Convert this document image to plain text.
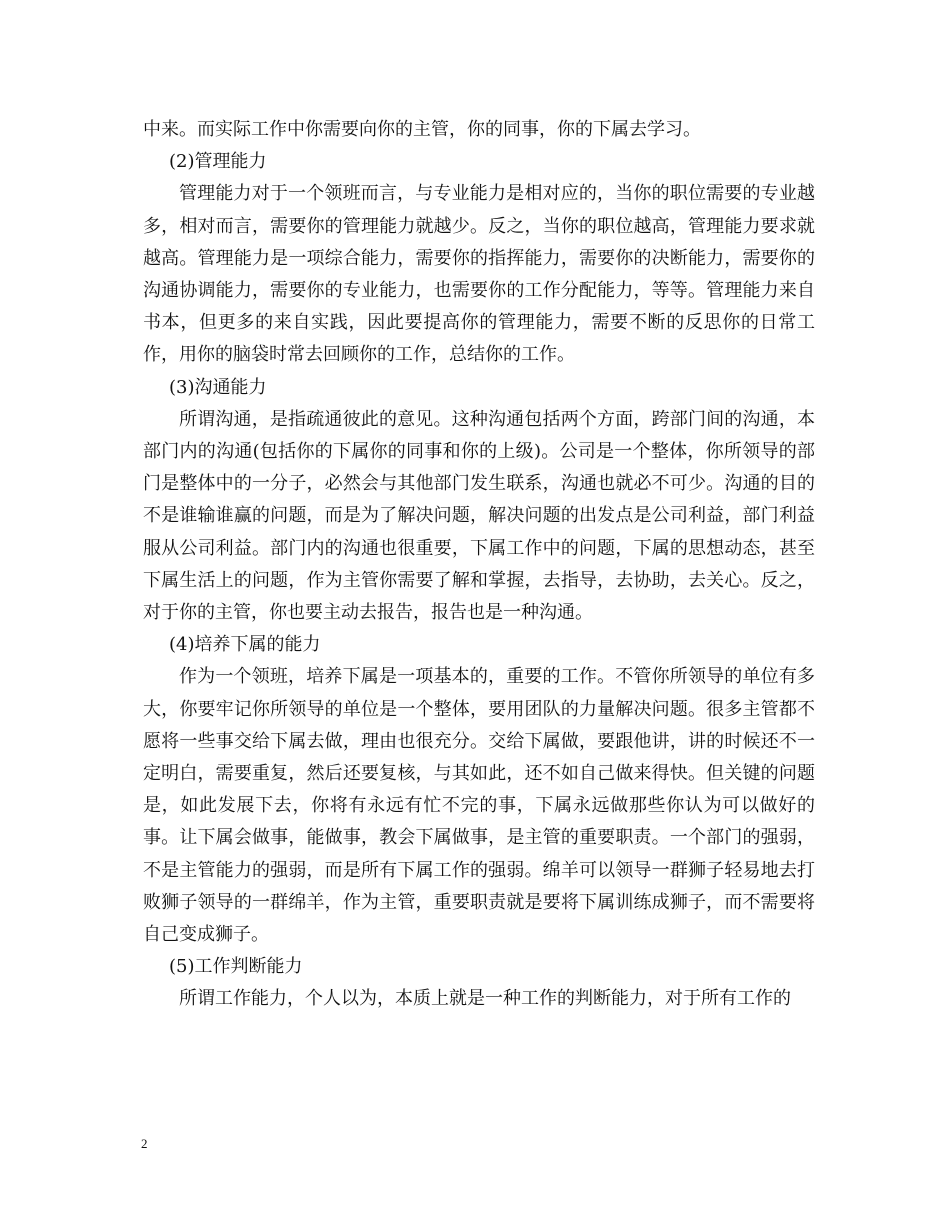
中来。而实际工作中你需要向你的主管，你的同事，你的下属去学习。

(2)管理能力

管理能力对于一个领班而言，与专业能力是相对应的，当你的职位需要的专业越多，相对而言，需要你的管理能力就越少。反之，当你的职位越高，管理能力要求就越高。管理能力是一项综合能力，需要你的指挥能力，需要你的决断能力，需要你的沟通协调能力，需要你的专业能力，也需要你的工作分配能力，等等。管理能力来自书本，但更多的来自实践，因此要提高你的管理能力，需要不断的反思你的日常工作，用你的脑袋时常去回顾你的工作，总结你的工作。

(3)沟通能力

所谓沟通，是指疏通彼此的意见。这种沟通包括两个方面，跨部门间的沟通，本部门内的沟通(包括你的下属你的同事和你的上级)。公司是一个整体，你所领导的部门是整体中的一分子，必然会与其他部门发生联系，沟通也就必不可少。沟通的目的不是谁输谁赢的问题，而是为了解决问题，解决问题的出发点是公司利益，部门利益服从公司利益。部门内的沟通也很重要，下属工作中的问题，下属的思想动态，甚至下属生活上的问题，作为主管你需要了解和掌握，去指导，去协助，去关心。反之，对于你的主管，你也要主动去报告，报告也是一种沟通。

(4)培养下属的能力

作为一个领班，培养下属是一项基本的，重要的工作。不管你所领导的单位有多大，你要牢记你所领导的单位是一个整体，要用团队的力量解决问题。很多主管都不愿将一些事交给下属去做，理由也很充分。交给下属做，要跟他讲，讲的时候还不一定明白，需要重复，然后还要复核，与其如此，还不如自己做来得快。但关键的问题是，如此发展下去，你将有永远有忙不完的事，下属永远做那些你认为可以做好的事。让下属会做事，能做事，教会下属做事，是主管的重要职责。一个部门的强弱，不是主管能力的强弱，而是所有下属工作的强弱。绵羊可以领导一群狮子轻易地去打败狮子领导的一群绵羊，作为主管，重要职责就是要将下属训练成狮子，而不需要将自己变成狮子。

(5)工作判断能力

所谓工作能力，个人以为，本质上就是一种工作的判断能力，对于所有工作的

2
